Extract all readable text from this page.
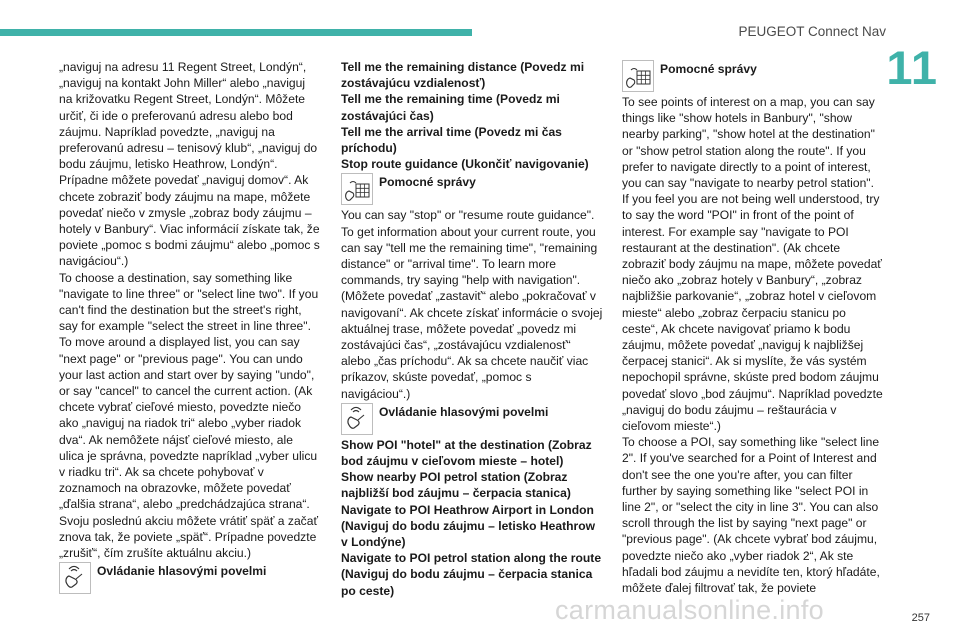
PEUGEOT Connect Nav
11

„naviguj na adresu 11 Regent Street, Londýn“, „naviguj na kontakt John Miller“ alebo „naviguj na križovatku Regent Street, Londýn“. Môžete určiť, či ide o preferovanú adresu alebo bod záujmu. Napríklad povedzte, „naviguj na preferovanú adresu – tenisový klub“, „naviguj do bodu záujmu, letisko Heathrow, Londýn“. Prípadne môžete povedať „naviguj domov“. Ak chcete zobraziť body záujmu na mape, môžete povedať niečo v zmysle „zobraz body záujmu – hotely v Banbury“. Viac informácií získate tak, že poviete „pomoc s bodmi záujmu“ alebo „pomoc s navigáciou“.)

To choose a destination, say something like "navigate to line three" or "select line two". If you can't find the destination but the street's right, say for example "select the street in line three". To move around a displayed list, you can say "next page" or "previous page". You can undo your last action and start over by saying "undo", or say "cancel" to cancel the current action. (Ak chcete vybrať cieľové miesto, povedzte niečo ako „naviguj na riadok tri“ alebo „vyber riadok dva“. Ak nemôžete nájsť cieľové miesto, ale ulica je správna, povedzte napríklad „vyber ulicu v riadku tri“. Ak sa chcete pohybovať v zoznamoch na obrazovke, môžete povedať „ďalšia strana“, alebo „predchádzajúca strana“. Svoju poslednú akciu môžete vrátiť späť a začať znova tak, že poviete „späť“. Prípadne povedzte „zrušiť“, čím zrušíte aktuálnu akciu.)

Ovládanie hlasovými povelmi

Tell me the remaining distance (Povedz mi zostávajúcu vzdialenosť)

Tell me the remaining time (Povedz mi zostávajúci čas)

Tell me the arrival time (Povedz mi čas príchodu)

Stop route guidance (Ukončiť navigovanie)

Pomocné správy

You can say "stop" or "resume route guidance". To get information about your current route, you can say "tell me the remaining time", "remaining distance" or "arrival time". To learn more commands, try saying "help with navigation". (Môžete povedať „zastaviť“ alebo „pokračovať v navigovaní“. Ak chcete získať informácie o svojej aktuálnej trase, môžete povedať „povedz mi zostávajúci čas“, „zostávajúcu vzdialenosť“ alebo „čas príchodu“. Ak sa chcete naučiť viac príkazov, skúste povedať, „pomoc s navigáciou“.)

Ovládanie hlasovými povelmi

Show POI "hotel" at the destination (Zobraz bod záujmu v cieľovom mieste – hotel)

Show nearby POI petrol station (Zobraz najbližší bod záujmu – čerpacia stanica)

Navigate to POI Heathrow Airport in London (Naviguj do bodu záujmu – letisko Heathrow v Londýne)

Navigate to POI petrol station along the route (Naviguj do bodu záujmu – čerpacia stanica po ceste)

Pomocné správy

To see points of interest on a map, you can say things like "show hotels in Banbury", "show nearby parking", "show hotel at the destination" or "show petrol station along the route". If you prefer to navigate directly to a point of interest, you can say "navigate to nearby petrol station". If you feel you are not being well understood, try to say the word "POI" in front of the point of interest. For example say "navigate to POI restaurant at the destination". (Ak chcete zobraziť body záujmu na mape, môžete povedať niečo ako „zobraz hotely v Banbury“, „zobraz najbližšie parkovanie“, „zobraz hotel v cieľovom mieste“ alebo „zobraz čerpaciu stanicu po ceste“, Ak chcete navigovať priamo k bodu záujmu, môžete povedať „naviguj k najbližšej čerpacej stanici“. Ak si myslíte, že vás systém nepochopil správne, skúste pred bodom záujmu povedať slovo „bod záujmu“. Napríklad povedzte „naviguj do bodu záujmu – reštaurácia v cieľovom mieste“.)

To choose a POI, say something like "select line 2". If you've searched for a Point of Interest and don't see the one you're after, you can filter further by saying something like "select POI in line 2", or "select the city in line 3". You can also scroll through the list by saying "next page" or "previous page". (Ak chcete vybrať bod záujmu, povedzte niečo ako „vyber riadok 2“, Ak ste hľadali bod záujmu a nevidíte ten, ktorý hľadáte, môžete ďalej filtrovať tak, že poviete

carmanualsonline.info	257
